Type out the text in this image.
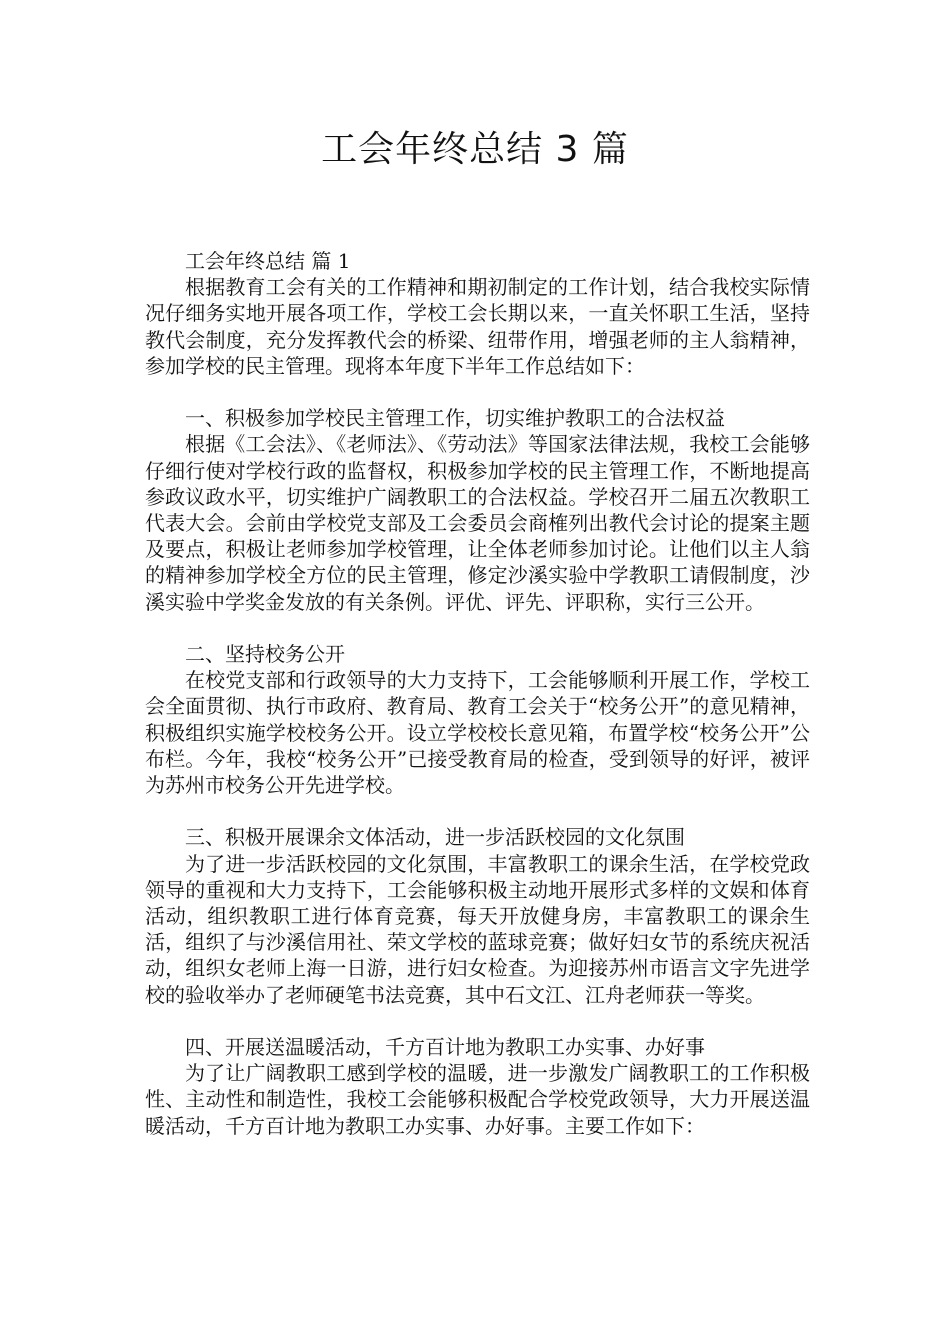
工会年终总结 3 篇

工会年终总结 篇 1

根据教育工会有关的工作精神和期初制定的工作计划，结合我校实际情况仔细务实地开展各项工作，学校工会长期以来，一直关怀职工生活，坚持教代会制度，充分发挥教代会的桥梁、纽带作用，增强老师的主人翁精神，参加学校的民主管理。现将本年度下半年工作总结如下：

一、积极参加学校民主管理工作，切实维护教职工的合法权益

根据《工会法》、《老师法》、《劳动法》等国家法律法规，我校工会能够仔细行使对学校行政的监督权，积极参加学校的民主管理工作，不断地提高参政议政水平，切实维护广阔教职工的合法权益。学校召开二届五次教职工代表大会。会前由学校党支部及工会委员会商榷列出教代会讨论的提案主题及要点，积极让老师参加学校管理，让全体老师参加讨论。让他们以主人翁的精神参加学校全方位的民主管理，修定沙溪实验中学教职工请假制度，沙溪实验中学奖金发放的有关条例。评优、评先、评职称，实行三公开。

二、坚持校务公开

在校党支部和行政领导的大力支持下，工会能够顺利开展工作，学校工会全面贯彻、执行市政府、教育局、教育工会关于“校务公开”的意见精神，积极组织实施学校校务公开。设立学校校长意见箱，布置学校“校务公开”公布栏。今年，我校“校务公开”已接受教育局的检查，受到领导的好评，被评为苏州市校务公开先进学校。

三、积极开展课余文体活动，进一步活跃校园的文化氛围

为了进一步活跃校园的文化氛围，丰富教职工的课余生活，在学校党政领导的重视和大力支持下，工会能够积极主动地开展形式多样的文娱和体育活动，组织教职工进行体育竞赛，每天开放健身房，丰富教职工的课余生活，组织了与沙溪信用社、荣文学校的蓝球竞赛；做好妇女节的系统庆祝活动，组织女老师上海一日游，进行妇女检查。为迎接苏州市语言文字先进学校的验收举办了老师硬笔书法竞赛，其中石文江、江舟老师获一等奖。

四、开展送温暖活动，千方百计地为教职工办实事、办好事

为了让广阔教职工感到学校的温暖，进一步激发广阔教职工的工作积极性、主动性和制造性，我校工会能够积极配合学校党政领导，大力开展送温暖活动，千方百计地为教职工办实事、办好事。主要工作如下：
